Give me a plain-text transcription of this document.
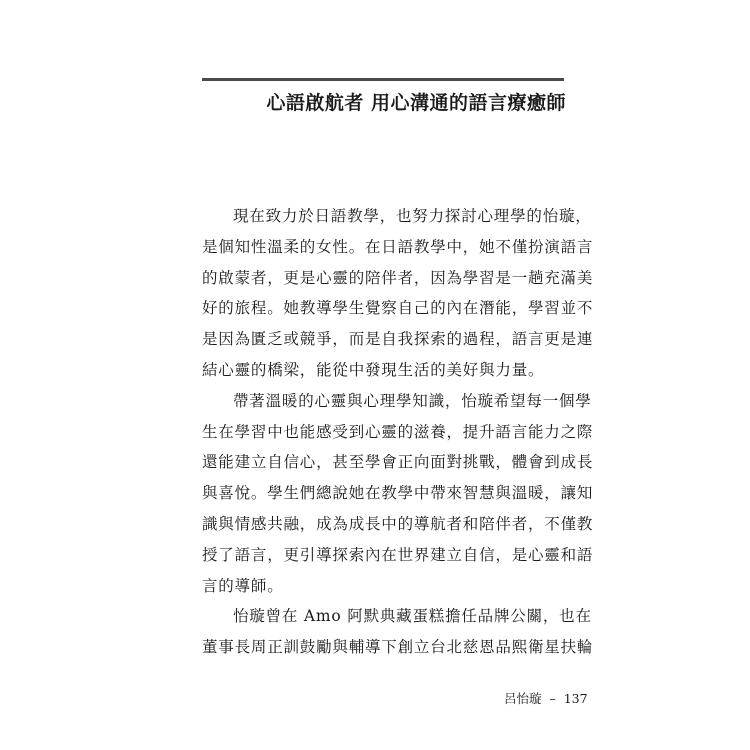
心語啟航者 用心溝通的語言療癒師

現在致力於日語教學，也努力探討心理學的怡璇，

是個知性溫柔的女性。在日語教學中，她不僅扮演語言

的啟蒙者，更是心靈的陪伴者，因為學習是一趟充滿美

好的旅程。她教導學生覺察自己的內在潛能，學習並不

是因為匱乏或競爭，而是自我探索的過程，語言更是連

結心靈的橋梁，能從中發現生活的美好與力量。

帶著溫暖的心靈與心理學知識，怡璇希望每一個學

生在學習中也能感受到心靈的滋養，提升語言能力之際

還能建立自信心，甚至學會正向面對挑戰，體會到成長

與喜悅。學生們總說她在教學中帶來智慧與溫暖，讓知

識與情感共融，成為成長中的導航者和陪伴者，不僅教

授了語言，更引導探索內在世界建立自信，是心靈和語

言的導師。

怡璇曾在 Amo 阿默典藏蛋糕擔任品牌公關，也在

董事長周正訓鼓勵與輔導下創立台北慈恩品熙衛星扶輪

呂怡璇 – 137
